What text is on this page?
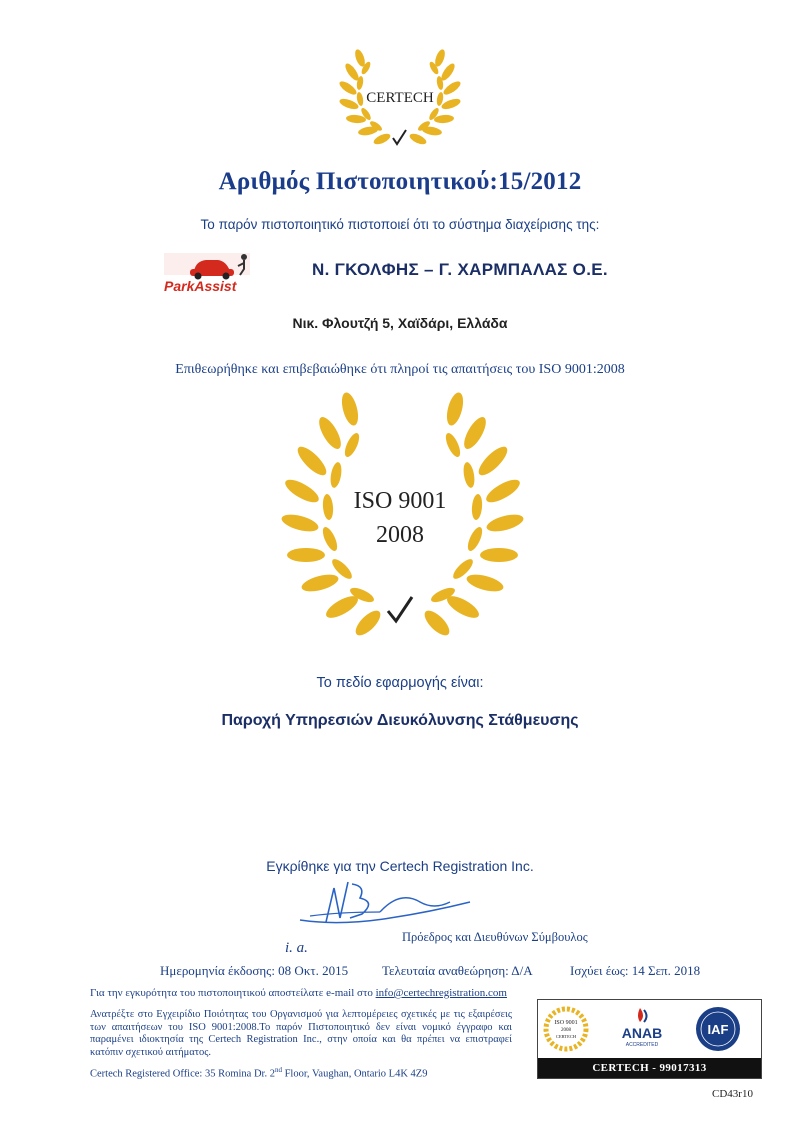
CERTECH
Αριθμός Πιστοποιητικού:15/2012
Το παρόν πιστοποιητικό πιστοποιεί ότι το σύστημα διαχείρισης της:
ParkAssist
Ν. ΓΚΟΛΦΗΣ – Γ. ΧΑΡΜΠΑΛΑΣ Ο.Ε.
Νικ. Φλουτζή 5, Χαϊδάρι, Ελλάδα
Επιθεωρήθηκε και επιβεβαιώθηκε ότι πληροί τις απαιτήσεις του ISO 9001:2008
ISO 9001
2008
Το πεδίο εφαρμογής είναι:
Παροχή Υπηρεσιών Διευκόλυνσης Στάθμευσης
Εγκρίθηκε για την Certech Registration Inc.
Πρόεδρος και Διευθύνων Σύμβουλος
i. a.
Ημερομηνία έκδοσης: 08 Οκτ. 2015	Τελευταία αναθεώρηση: Δ/Α	Ισχύει έως: 14 Σεπ. 2018
Για την εγκυρότητα του πιστοποιητικού αποστείλατε e-mail στο info@certechregistration.com
Ανατρέξτε στο Εγχειρίδιο Ποιότητας του Οργανισμού για λεπτομέρειες σχετικές με τις εξαιρέσεις των απαιτήσεων του ISO 9001:2008.Το παρόν Πιστοποιητικό δεν είναι νομικό έγγραφο και παραμένει ιδιοκτησία της Certech Registration Inc., στην οποία και θα πρέπει να επιστραφεί κατόπιν σχετικού αιτήματος.
Certech Registered Office: 35 Romina Dr. 2nd Floor, Vaughan, Ontario L4K 4Z9
ISO 9001
2008
CERTECH	ANAB
ACCREDITED
IAF
CERTECH - 99017313
CD43r10
